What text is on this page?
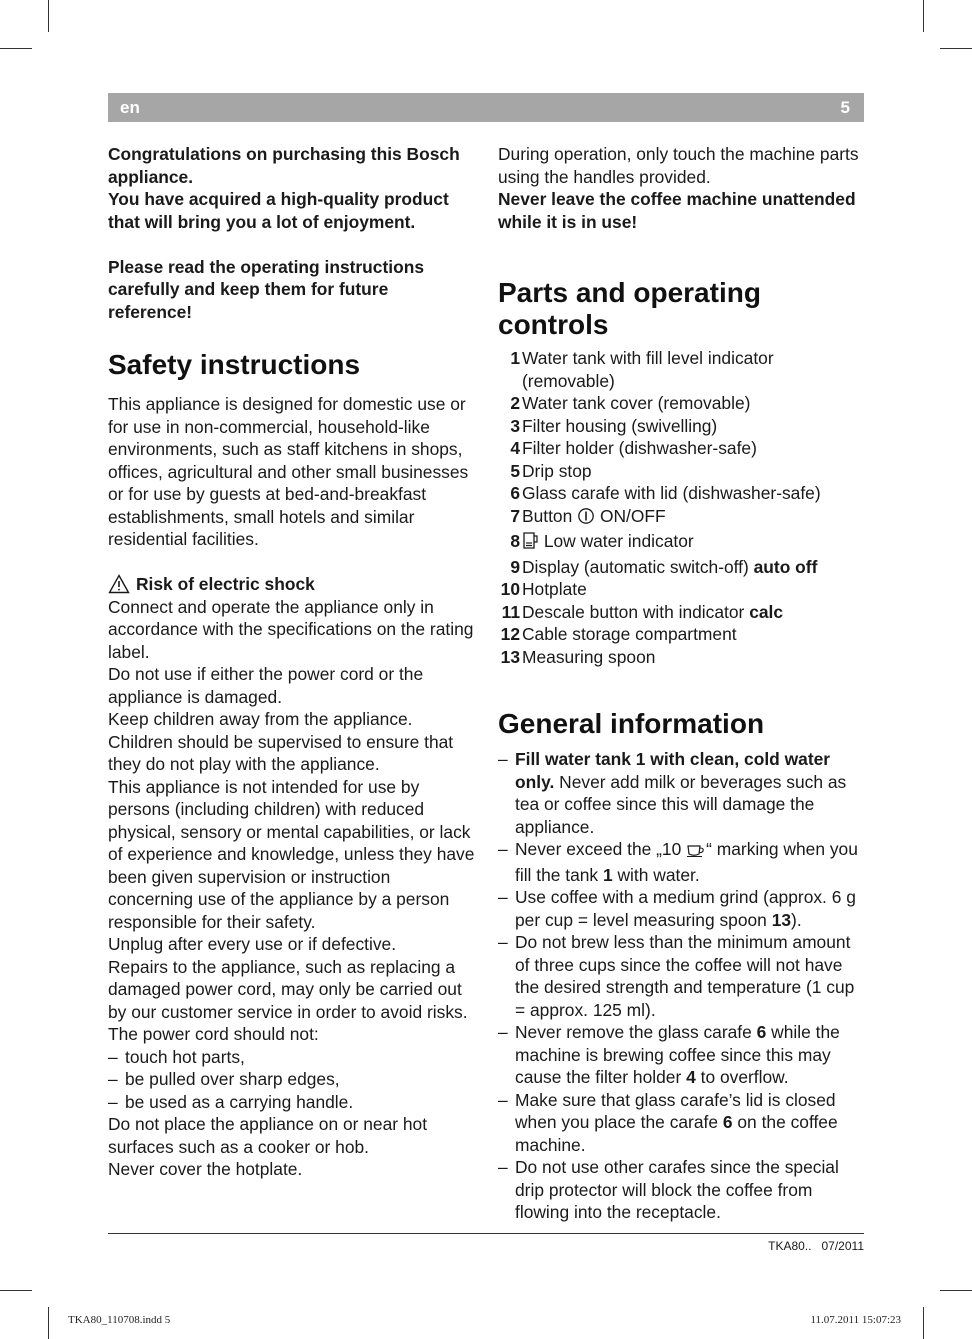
en	5

Congratulations on purchasing this Bosch appliance.

You have acquired a high-quality product that will bring you a lot of enjoyment.

Please read the operating instructions carefully and keep them for future reference!

Safety instructions

This appliance is designed for domestic use or for use in non-commercial, household-like environments, such as staff kitchens in shops, offices, agricultural and other small businesses or for use by guests at bed-and-breakfast establishments, small hotels and similar residential facilities.

Risk of electric shock

Connect and operate the appliance only in accordance with the specifications on the rating label.

Do not use if either the power cord or the appliance is damaged.

Keep children away from the appliance.

Children should be supervised to ensure that they do not play with the appliance.

This appliance is not intended for use by persons (including children) with reduced physical, sensory or mental capabilities, or lack of experience and knowledge, unless they have been given supervision or instruction concerning use of the appliance by a person responsible for their safety.

Unplug after every use or if defective.

Repairs to the appliance, such as replacing a damaged power cord, may only be carried out by our customer service in order to avoid risks.

The power cord should not:

– touch hot parts,
– be pulled over sharp edges,
– be used as a carrying handle.

Do not place the appliance on or near hot surfaces such as a cooker or hob.

Never cover the hotplate.

During operation, only touch the machine parts using the handles provided.

Never leave the coffee machine unattended while it is in use!

Parts and operating controls
1 Water tank with fill level indicator (removable)
2 Water tank cover (removable)
3 Filter housing (swivelling)
4 Filter holder (dishwasher-safe)
5 Drip stop
6 Glass carafe with lid (dishwasher-safe)
7 Button ON/OFF
8	Low water indicator
9 Display (automatic switch-off) auto off
10 Hotplate
11 Descale button with indicator calc
12 Cable storage compartment
13 Measuring spoon
General information
– Fill water tank 1 with clean, cold water only. Never add milk or beverages such as tea or coffee since this will damage the appliance.
– Never exceed the „10 “ marking when you fill the tank 1 with water.
– Use coffee with a medium grind (approx. 6 g per cup = level measuring spoon 13).
– Do not brew less than the minimum amount of three cups since the coffee will not have the desired strength and temperature (1 cup = approx. 125 ml).
– Never remove the glass carafe 6 while the machine is brewing coffee since this may cause the filter holder 4 to overflow.
– Make sure that glass carafe’s lid is closed when you place the carafe 6 on the coffee machine.
– Do not use other carafes since the special drip protector will block the coffee from flowing into the receptacle.
TKA80.. 07/2011
TKA80_110708.indd 5	11.07.2011 15:07:23
